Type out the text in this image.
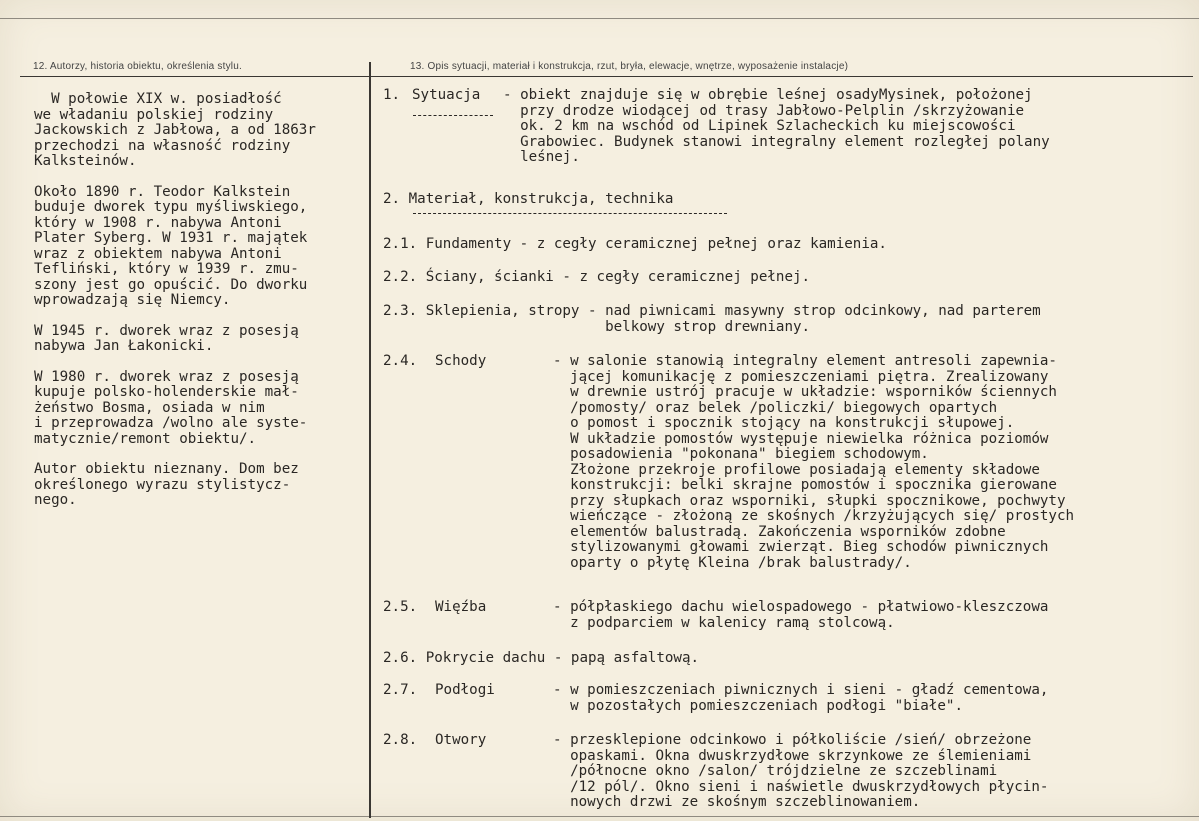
12. Autorzy, historia obiektu, określenia stylu.	13. Opis sytuacji, materiał i konstrukcja, rzut, bryła, elewacje, wnętrze, wyposażenie instalacje)
W połowie XIX w. posiadłość
we władaniu polskiej rodziny
Jackowskich z Jabłowa, a od 1863r
przechodzi na własność rodziny
Kalksteinów.
Około 1890 r. Teodor Kalkstein
buduje dworek typu myśliwskiego,
który w 1908 r. nabywa Antoni
Plater Syberg. W 1931 r. majątek
wraz z obiektem nabywa Antoni
Tefliński, który w 1939 r. zmu-
szony jest go opuścić. Do dworku
wprowadzają się Niemcy.
W 1945 r. dworek wraz z posesją
nabywa Jan Łakonicki.
W 1980 r. dworek wraz z posesją
kupuje polsko-holenderskie mał-
żeństwo Bosma, osiada w nim
i przeprowadza /wolno ale syste-
matycznie/remont obiektu/.
Autor obiektu nieznany. Dom bez
określonego wyrazu stylistycz-
nego.
1. Sytuacja - obiekt znajduje się w obrębie leśnej osadyMysinek, położonej
przy drodze wiodącej od trasy Jabłowo-Pelplin /skrzyżowanie
ok. 2 km na wschód od Lipinek Szlacheckich ku miejscowości
Grabowiec. Budynek stanowi integralny element rozległej polany
leśnej.
2. Materiał, konstrukcja, technika
2.1. Fundamenty - z cegły ceramicznej pełnej oraz kamienia.
2.2. Ściany, ścianki - z cegły ceramicznej pełnej.
2.3. Sklepienia, stropy - nad piwnicami masywny strop odcinkowy, nad parterem
belkowy strop drewniany.
2.4. Schody	- w salonie stanowią integralny element antresoli zapewnia-
jącej komunikację z pomieszczeniami piętra. Zrealizowany
w drewnie ustrój pracuje w układzie: wsporników ściennych
/pomosty/ oraz belek /policzki/ biegowych opartych
o pomost i spocznik stojący na konstrukcji słupowej.
W układzie pomostów występuje niewielka różnica poziomów
posadowienia "pokonana" biegiem schodowym.
Złożone przekroje profilowe posiadają elementy składowe
konstrukcji: belki skrajne pomostów i spocznika gierowane
przy słupkach oraz wsporniki, słupki spocznikowe, pochwyty
wieńczące - złożoną ze skośnych /krzyżujących się/ prostych
elementów balustradą. Zakończenia wsporników zdobne
stylizowanymi głowami zwierząt. Bieg schodów piwnicznych
oparty o płytę Kleina /brak balustrady/.
2.5. Więźba	- półpłaskiego dachu wielospadowego - płatwiowo-kleszczowa
z podparciem w kalenicy ramą stolcową.
2.6. Pokrycie dachu - papą asfaltową.
2.7. Podłogi	- w pomieszczeniach piwnicznych i sieni - gładź cementowa,
w pozostałych pomieszczeniach podłogi "białe".
2.8. Otwory	- przesklepione odcinkowo i półkoliście /sień/ obrzeżone
opaskami. Okna dwuskrzydłowe skrzynkowe ze ślemieniami
/północne okno /salon/ trójdzielne ze szczeblinami
/12 pól/. Okno sieni i naświetle dwuskrzydłowych płycin-
nowych drzwi ze skośnym szczeblinowaniem.
